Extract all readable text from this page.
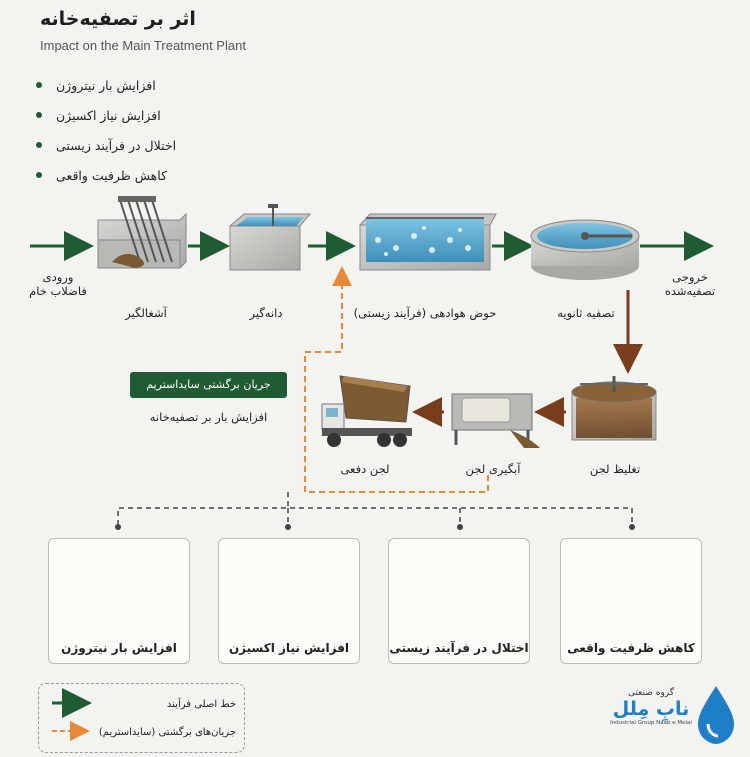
اثر بر تصفیه‌خانه
Impact on the Main Treatment Plant
افزایش بار نیتروژن
افزایش نیاز اکسیژن
اختلال در فرآیند زیستی
کاهش ظرفیت واقعی
ورودی
فاضلاب خام
آشغالگیر	دانه‌گیر	حوض هوادهی (فرآیند زیستی)	تصفیه ثانویه
خروجی
تصفیه‌شده
تغلیظ لجن
آبگیری لجن
لجن دفعی
جریان برگشتی سایداستریم
افزایش بار بر تصفیه‌خانه
افزایش بار نیتروژن	افزایش نیاز اکسیژن	اختلال در فرآیند زیستی	کاهش ظرفیت واقعی
خط اصلی فرآیند
جریان‌های برگشتی (سایداستریم)
گروه صنعتی
نابِ مِلل
Industrial Group Naab e Melal
